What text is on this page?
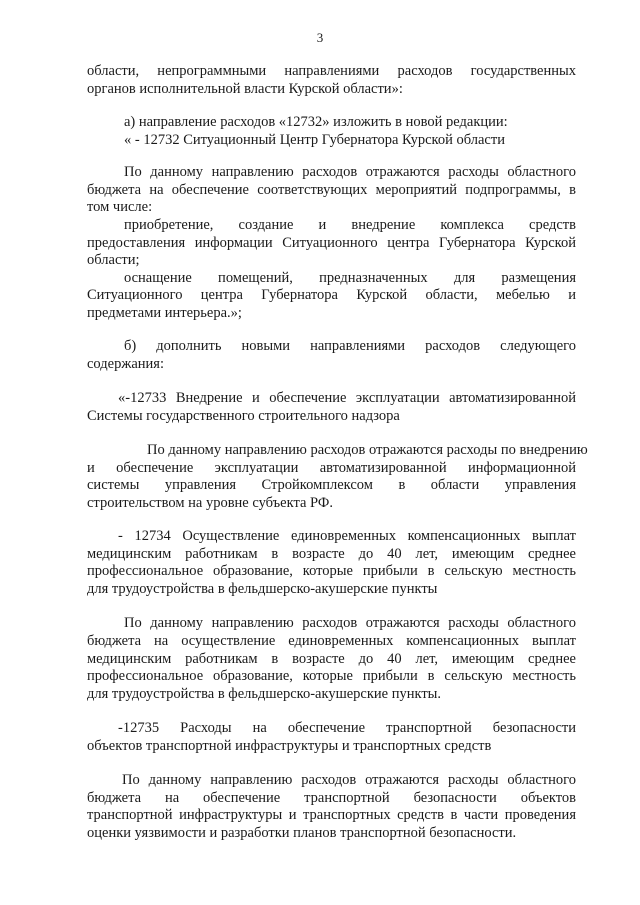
3
области, непрограммными направлениями расходов государственных
органов исполнительной власти Курской области»:
а) направление расходов «12732» изложить в новой редакции:
« - 12732 Ситуационный Центр Губернатора Курской области
По данному направлению расходов отражаются расходы областного
бюджета на обеспечение соответствующих мероприятий подпрограммы, в
том числе:
приобретение, создание и внедрение комплекса средств
предоставления информации Ситуационного центра Губернатора Курской
области;
оснащение помещений, предназначенных для размещения
Ситуационного центра Губернатора Курской области, мебелью и
предметами интерьера.»;
б) дополнить новыми направлениями расходов следующего
содержания:
«-12733 Внедрение и обеспечение эксплуатации автоматизированной
Системы государственного строительного надзора
По данному направлению расходов отражаются расходы по внедрению
и обеспечение эксплуатации автоматизированной информационной
системы управления Стройкомплексом в области управления
строительством на уровне субъекта РФ.
- 12734 Осуществление единовременных компенсационных выплат
медицинским работникам в возрасте до 40 лет, имеющим среднее
профессиональное образование, которые прибыли в сельскую местность
для трудоустройства в фельдшерско-акушерские пункты
По данному направлению расходов отражаются расходы областного
бюджета на осуществление единовременных компенсационных выплат
медицинским работникам в возрасте до 40 лет, имеющим среднее
профессиональное образование, которые прибыли в сельскую местность
для трудоустройства в фельдшерско-акушерские пункты.
-12735 Расходы на обеспечение транспортной безопасности
объектов транспортной инфраструктуры и транспортных средств
По данному направлению расходов отражаются расходы областного
бюджета на обеспечение транспортной безопасности объектов
транспортной инфраструктуры и транспортных средств в части проведения
оценки уязвимости и разработки планов транспортной безопасности.
